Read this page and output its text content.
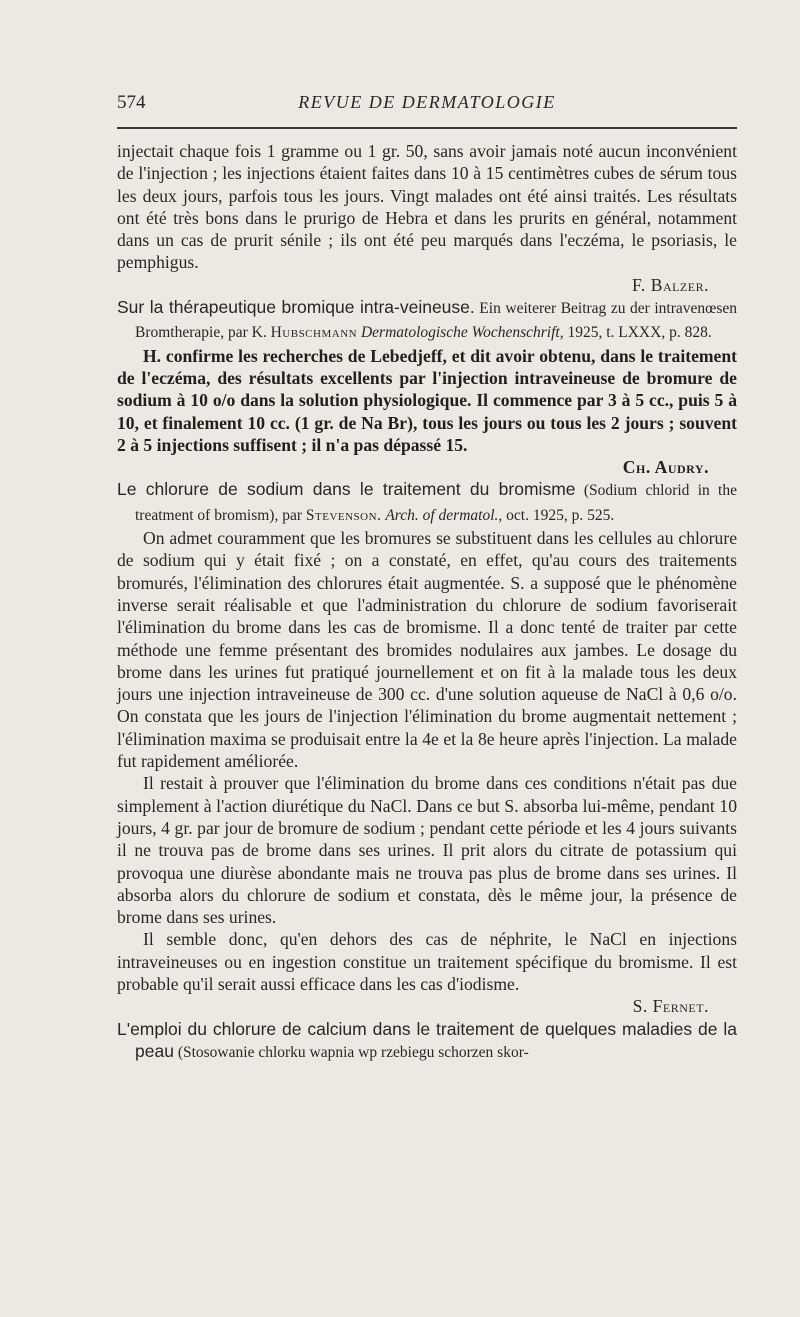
574	REVUE DE DERMATOLOGIE

injectait chaque fois 1 gramme ou 1 gr. 50, sans avoir jamais noté aucun inconvénient de l'injection ; les injections étaient faites dans 10 à 15 centimètres cubes de sérum tous les deux jours, parfois tous les jours. Vingt malades ont été ainsi traités. Les résultats ont été très bons dans le prurigo de Hebra et dans les prurits en général, notamment dans un cas de prurit sénile ; ils ont été peu marqués dans l'eczéma, le psoriasis, le pemphigus.

F. Balzer.

Sur la thérapeutique bromique intra-veineuse. Ein weiterer Beitrag zu der intravenœsen Bromtherapie, par K. Hubschmann Dermatologische Wochenschrift, 1925, t. LXXX, p. 828.

H. confirme les recherches de Lebedjeff, et dit avoir obtenu, dans le traitement de l'eczéma, des résultats excellents par l'injection intraveineuse de bromure de sodium à 10 o/o dans la solution physiologique. Il commence par 3 à 5 cc., puis 5 à 10, et finalement 10 cc. (1 gr. de Na Br), tous les jours ou tous les 2 jours ; souvent 2 à 5 injections suffisent ; il n'a pas dépassé 15.

Ch. Audry.

Le chlorure de sodium dans le traitement du bromisme (Sodium chlorid in the treatment of bromism), par Stevenson. Arch. of dermatol., oct. 1925, p. 525.

On admet couramment que les bromures se substituent dans les cellules au chlorure de sodium qui y était fixé ; on a constaté, en effet, qu'au cours des traitements bromurés, l'élimination des chlorures était augmentée. S. a supposé que le phénomène inverse serait réalisable et que l'administration du chlorure de sodium favoriserait l'élimination du brome dans les cas de bromisme. Il a donc tenté de traiter par cette méthode une femme présentant des bromides nodulaires aux jambes. Le dosage du brome dans les urines fut pratiqué journellement et on fit à la malade tous les deux jours une injection intraveineuse de 300 cc. d'une solution aqueuse de NaCl à 0,6 o/o. On constata que les jours de l'injection l'élimination du brome augmentait nettement ; l'élimination maxima se produisait entre la 4e et la 8e heure après l'injection. La malade fut rapidement améliorée.

Il restait à prouver que l'élimination du brome dans ces conditions n'était pas due simplement à l'action diurétique du NaCl. Dans ce but S. absorba lui-même, pendant 10 jours, 4 gr. par jour de bromure de sodium ; pendant cette période et les 4 jours suivants il ne trouva pas de brome dans ses urines. Il prit alors du citrate de potassium qui provoqua une diurèse abondante mais ne trouva pas plus de brome dans ses urines. Il absorba alors du chlorure de sodium et constata, dès le même jour, la présence de brome dans ses urines.

Il semble donc, qu'en dehors des cas de néphrite, le NaCl en injections intraveineuses ou en ingestion constitue un traitement spécifique du bromisme. Il est probable qu'il serait aussi efficace dans les cas d'iodisme.

S. Fernet.

L'emploi du chlorure de calcium dans le traitement de quelques maladies de la peau (Stosowanie chlorku wapnia wp rzebiegu schorzen skor-
